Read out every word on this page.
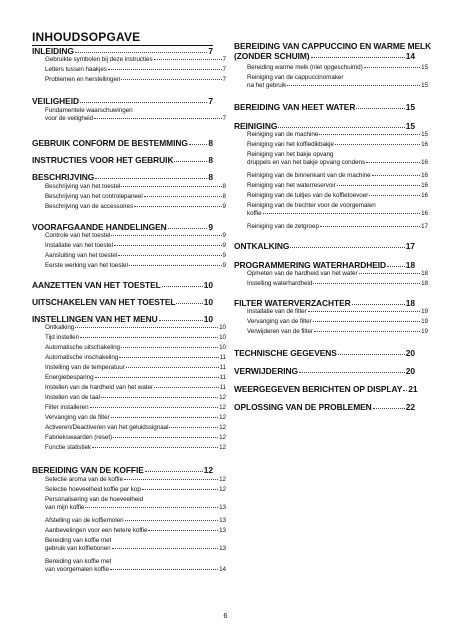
INHOUDSOPGAVE
INLEIDING	7
Gebruikte symbolen bij deze instructies	7
Letters tussen haakjes	7
Problemen en herstellingen	7
VEILIGHEID	7
Fundamentele waarschuwingen
voor de veiligheid	7
GEBRUIK CONFORM DE BESTEMMING 8
INSTRUCTIES VOOR HET GEBRUIK	8
BESCHRIJVING	8
Beschrijving van het toestel	8
Beschrijving van het controlepaneel	8
Beschrijving van de accessoires	9
VOORAFGAANDE HANDELINGEN	9
Controle van het toestel	9
Installatie van het toestel	9
Aansluiting van het toestel	9
Eerste werking van het toestel	9
AANZETTEN VAN HET TOESTEL	10
UITSCHAKELEN VAN HET TOESTEL	10
INSTELLINGEN VAN HET MENU	10
Ontkalking	10
Tijd instellen	10
Automatische uitschakeling	10
Automatische inschakeling	11
Instelling van de temperatuur	11
Energiebesparing	11
Instellen van de hardheid van het water	11
Instellen van de taal	12
Filter installeren	12
Vervanging van de filter	12
Activeren/Deactiveren van het geluidssignaal	12
Fabriekswaarden (reset)	12
Functie statistiek	12
BEREIDING VAN DE KOFFIE	12
Selectie aroma van de koffie	12
Selectie hoeveelheid koffie per kop	12
Personalisering van de hoeveelheid
van mijn koffie	13
Afstelling van de koffiemolen	13
Aanbevelingen voor een hetere koffie	13
Bereiding van koffie met
gebruik van koffiebonen	13
Bereiding van koffie met
van voorgemalen koffie	14
BEREIDING VAN CAPPUCCINO EN WARME MELK
(ZONDER SCHUIM)	14
Bereiding warme melk (niet opgeschuimd)	15
Reiniging van de cappuccinomaker
na het gebruik	15
BEREIDING VAN HEET WATER	15
REINIGING	15
Reiniging van de machine	15
Reiniging van het koffiedikbakje	16
Reiniging van het bakje opvang
druppels en van het bakje opvang condens	16
Reiniging van de binnenkant van de machine	16
Reiniging van het waterreservoir	16
Reiniging van de tuitjes van de koffietoevoer	16
Reiniging van de trechter voor de voorgemalen
koffie	16
Reiniging van de zetgroep	17
ONTKALKING	17
PROGRAMMERING WATERHARDHEID 18
Opmeten van de hardheid van het water	18
Instelling waterhardheid	18
FILTER WATERVERZACHTER	18
Installatie van de filter	19
Vervanging van de filter	19
Verwijderen van de filter	19
TECHNISCHE GEGEVENS	20
VERWIJDERING	20
WEERGEGEVEN BERICHTEN OP DISPLAY 21
OPLOSSING VAN DE PROBLEMEN	22
6
